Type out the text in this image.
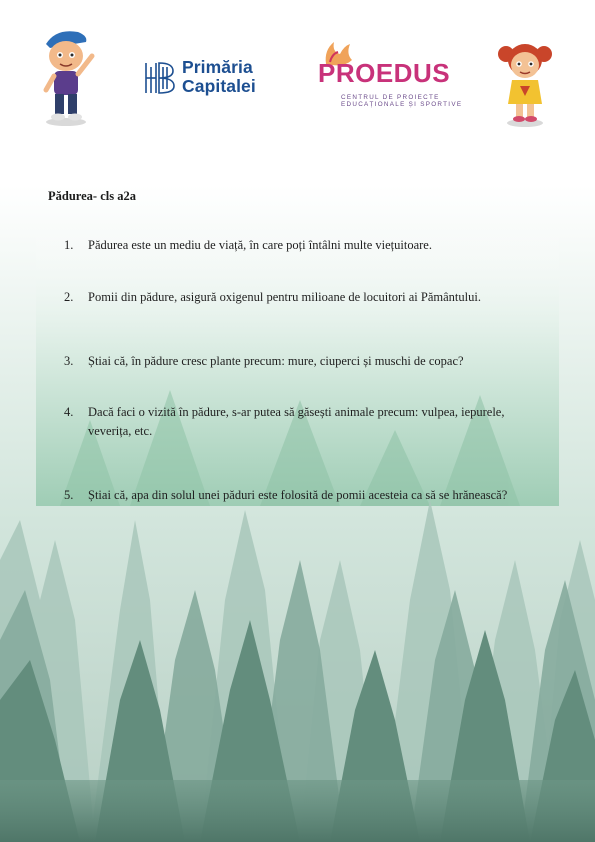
Primăria
Capitalei PROEDUS
CENTRUL DE PROIECTE
EDUCAȚIONALE ȘI SPORTIVE
Pădurea- cls a2a
1.	Pădurea este un mediu de viață, în care poți întâlni multe viețuitoare.
2.	Pomii din pădure, asigură oxigenul pentru milioane de locuitori ai Pământului.
3.	Știai că, în pădure cresc plante precum: mure, ciuperci și muschi de copac?
4.	Dacă faci o vizită în pădure, s-ar putea să găsești animale precum: vulpea, iepurele, veverița, etc.
5.	Știai că, apa din solul unei păduri este folosită de pomii acesteia ca să se hrănească?
